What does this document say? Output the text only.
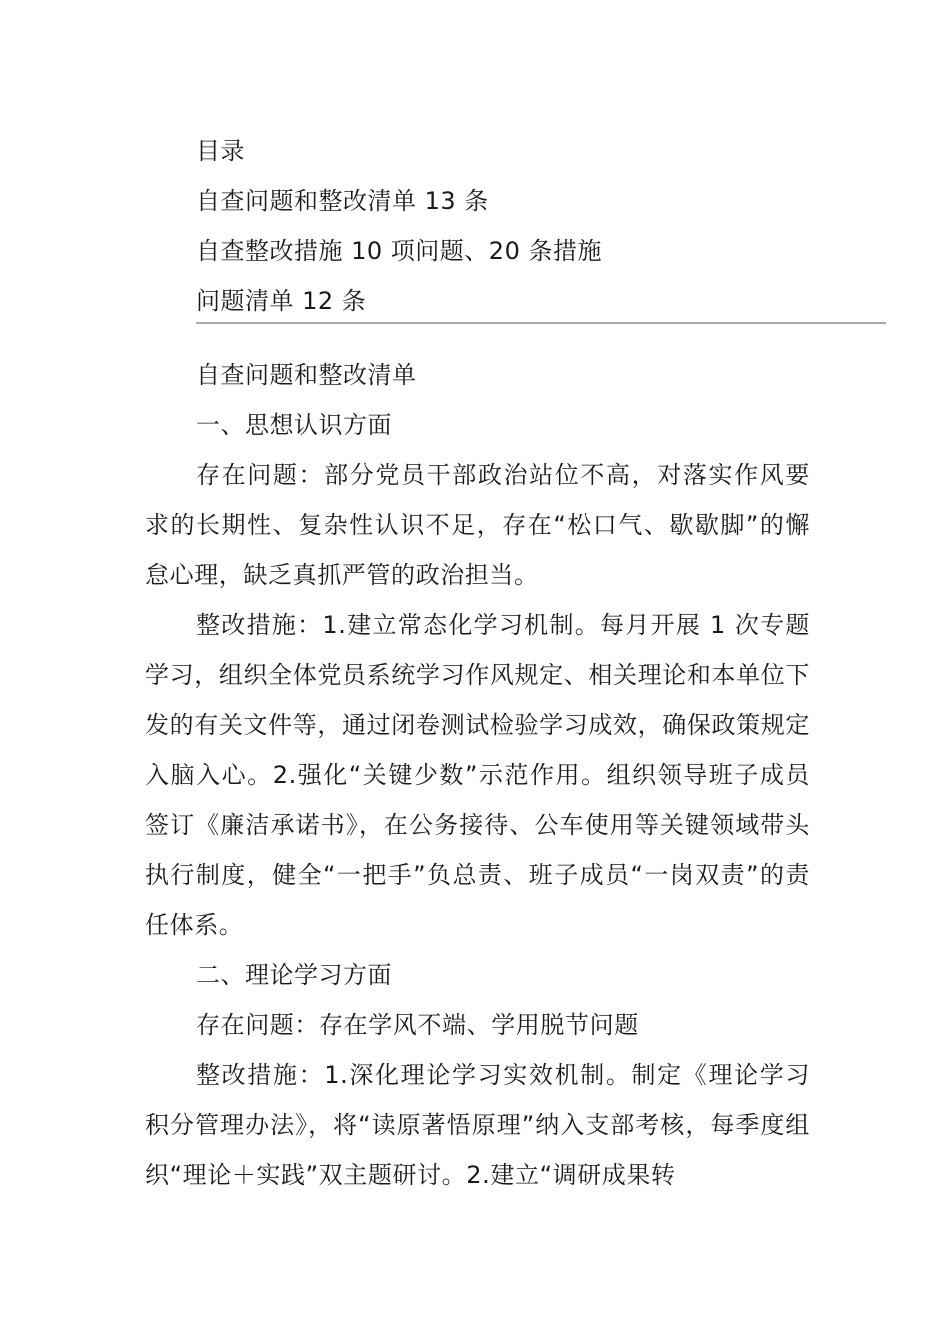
目录
自查问题和整改清单 13 条
自查整改措施 10 项问题、20 条措施
问题清单 12 条
自查问题和整改清单
一、思想认识方面

存在问题：部分党员干部政治站位不高，对落实作风要求的长期性、复杂性认识不足，存在“松口气、歇歇脚”的懈怠心理，缺乏真抓严管的政治担当。

整改措施：1.建立常态化学习机制。每月开展 1 次专题学习，组织全体党员系统学习作风规定、相关理论和本单位下发的有关文件等，通过闭卷测试检验学习成效，确保政策规定入脑入心。2.强化“关键少数”示范作用。组织领导班子成员签订《廉洁承诺书》，在公务接待、公车使用等关键领域带头执行制度，健全“一把手”负总责、班子成员“一岗双责”的责任体系。

二、理论学习方面

存在问题：存在学风不端、学用脱节问题

整改措施：1.深化理论学习实效机制。制定《理论学习积分管理办法》，将“读原著悟原理”纳入支部考核，每季度组织“理论＋实践”双主题研讨。2.建立“调研成果转
